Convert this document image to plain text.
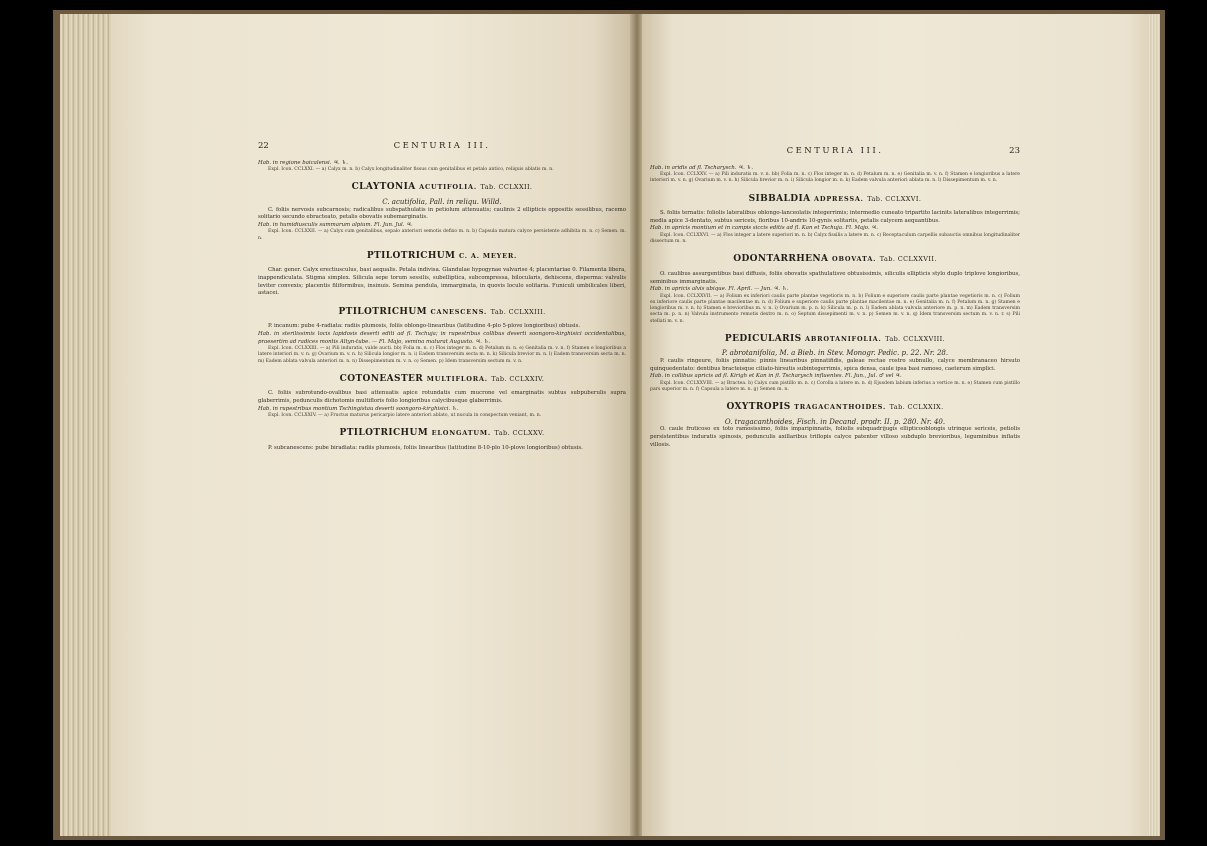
22	CENTURIA III.

Hab. in regione baicalensi. ♃. ♄.

Expl. Icon. CCLXXI. — a) Calyx m. n. b) Calyx longitudinaliter fissus cum genitalibus et petalo antico, reliquis ablatis m. n.

CLAYTONIA ACUTIFOLIA. Tab. CCLXXII.

C. acutifolia, Pall. in reliqu. Willd.

C. foliis nervosis subcarnosis; radicalibus subspathulatis in petiolum attenuatis; caulinis 2 ellipticis oppositis sessilibus, racemo solitario secundo ebracteato, petalis obovatis subemarginatis.

Hab. in humidiusculis summarum alpium. Fl. Jun. Jul. ♃.

Expl. Icon. CCLXXII. — a) Calyx cum genitalibus, sepalo anteriori semotis defixo m. n. b) Capsula matura calyce persistente adhibita m. n. c) Semen. m. n.

PTILOTRICHUM C. A. MEYER.

Char. gener. Calyx erectiusculus, basi aequalis. Petala indivisa. Glandulae hypogynae valvarise 4; placentariae 0. Filamenta libera, inappendiculata. Stigma simplex. Silicula sepe torum sessilis, subelliptica, subcompressa, bilocularis, dehiscens, disperma: valvulis leviter convexis; placentis filiformibus, insinuis. Semina pendula, immarginata, in quovis loculo solitaria. Funiculi umbilicales liberi, astacei.

PTILOTRICHUM CANESCENS. Tab. CCLXXIII.

P. incanum: pube 4-radiata: radiis plumosis, foliis oblongo-linearibus (latitudine 4-plo 5-plove longioribus) obtusis.

Hab. in sterilissimis locis lapidosis deserti editi ad fl. Tschuja; in rupestribus collibus deserti soongoro-kirghisici occidentalibus, praesertim ad radices montis Altyn-tube. — Fl. Majo, semina maturat Augusto. ♃. ♄.

Expl. Icon. CCLXXIII. — a) Pili induratis, valde aucti. bb) Folia m. n. c) Flos integer m. n. d) Petalum m. n. e) Genitalia m. v. n. f) Stamen e longioribus a latere interiori m. v. n. g) Ovarium m. v. n. h) Silicula longior m. n. i) Eadem transversim secta m. n. k) Silicula brevior m. n. l) Eadem transversim secta m. n. m) Eadem ablata valvula anteriori m. n. n) Dissepimentum m. v. n. o) Semen. p) Idem transversim sectum m. v. n.

COTONEASTER MULTIFLORA. Tab. CCLXXIV.

C. foliis subrotundo-ovalibus basi attenuatis apice rotundatis cum mucrone vel emarginatis subtus subpuberulis supra glaberrimis, pedunculis dichotomis multifloris folio longioribus calycibusque glaberrimis.

Hab. in rupestribus montium Tschingistau deserti soongoro-kirghisici. ♄.

Expl. Icon. CCLXXIV. — a) Fructus maturus pericarpio latere anteriori ablato, ut nucula in conspectum veniant, m. n.

PTILOTRICHUM ELONGATUM. Tab. CCLXXV.

P. subcanescens: pube biradiata: radiis plumosis, foliis linearibus (latitudine 8-10-plo 10-plove longioribus) obtusis.

CENTURIA III.	23

Hab. in aridis ad fl. Tscharysch. ♃. ♄.

Expl. Icon. CCLXXV. — a) Pili induratis m. v. n. bb) Folia m. n. c) Flos integer m. n. d) Petalum m. n. e) Genitalia m. v. n. f) Stamen e longioribus a latere interiori m. v. n. g) Ovarium m. v. n. h) Silicula brevior m. n. i) Silicula longior m. n. k) Eadem valvula anteriori ablata m. n. l) Dissepimentum m. v. n.

SIBBALDIA ADPRESSA. Tab. CCLXXVI.

S. foliis ternatis: foliolis lateralibus oblongo-lanceolatis integerrimis; intermedio cuneato tripartito lacinits lateralibus integerrimis; media apice 3-dentato, subtus sericeis, floribus 10-andris 10-gynis solitariis, petalis calycem aequantibus.

Hab. in apricis montium et in campis siccis editis ad fl. Kan et Tschuja. Fl. Majo. ♃.

Expl. Icon. CCLXXVI. — a) Flos integer a latere superiori m. n. b) Calyx fissilis a latere m. n. c) Receptaculum carpellis subauctis omnibus longitudinaliter dissectum m. n.

ODONTARRHENA OBOVATA. Tab. CCLXXVII.

O. caulibus assurgentibus basi diffusis, foliis obovatis spathulatisve obtusissimis, siliculis ellipticis stylo duplo triplove longioribus, seminibus immarginatis.

Hab. in apricis alvis ubique. Fl. April. — Jun. ♃. ♄.

Expl. Icon. CCLXXVII. — a) Folium ex inferiori caulis parte plantae vegetioris m. n. b) Folium e superiore caulis parte plantae vegetioris m. n. c) Folium ex inferiore caulis parte plantae macilentae m. n. d) Folium e superiore caulis parte plantae macilentae m. n. e) Genitalia m. n. f) Petalum m. n. g) Stamen e longioribus m. v. n. h) Stamen e brevioribus m. v. n. i) Ovarium m. p. n. k) Silicula m. p. n. l) Eadem ablata valvula anteriore m. p. n. m) Eadem transversim secta m. p. n. n) Valvula instrumento remotis dextro m. n. o) Septum dissepimenti m. v. n. p) Semen m. v. n. q) Idem transversim sectum m. v. n. r. s) Pili stellati m. v. n.

PEDICULARIS ABROTANIFOLIA. Tab. CCLXXVIII.

P. abrotanifolia, M. a Bieb. in Stev. Monogr. Pedic. p. 22. Nr. 28.

P. caulis ringeure, foliis pinnatis: pinnis linearibus pinnatifidis, galeae rectae rostro subnullo, calyce membranaceo hirsuto quinquedentato: dentibus bracteisque ciliato-hirsutis subintegerrimis, spica densa, caule ipsa basi ramoso, caeterum simplici.

Hab. in collibus apricis ad fl. Kirigh et Kan in fl. Tscharysch influentes. Fl. Jun., Jul. ♂ vel ♃.

Expl. Icon. CCLXXVIII. — a) Bractea. b) Calyx cum pistillo m. n. c) Corolla a latere m. n. d) Ejusdem labium inferius a vertice m. n. e) Stamen cum pistillo pars superior m. n. f) Capsula a latere m. n. g) Semen m. n.

OXYTROPIS TRAGACANTHOIDES. Tab. CCLXXIX.

O. tragacanthoides, Fisch. in Decand. prodr. II. p. 280. Nr. 40.

O. caule fruticoso ex toto ramosissimo, foliis imparipinnatis, foliolis subquadrijugis ellipticooblongis utrinque sericeis, petiolis persistentibus induratis spinosis, pedunculis axillaribus triflopis calyce patenter villoso subduplo brevioribus, leguminibus inflatis villosis.
